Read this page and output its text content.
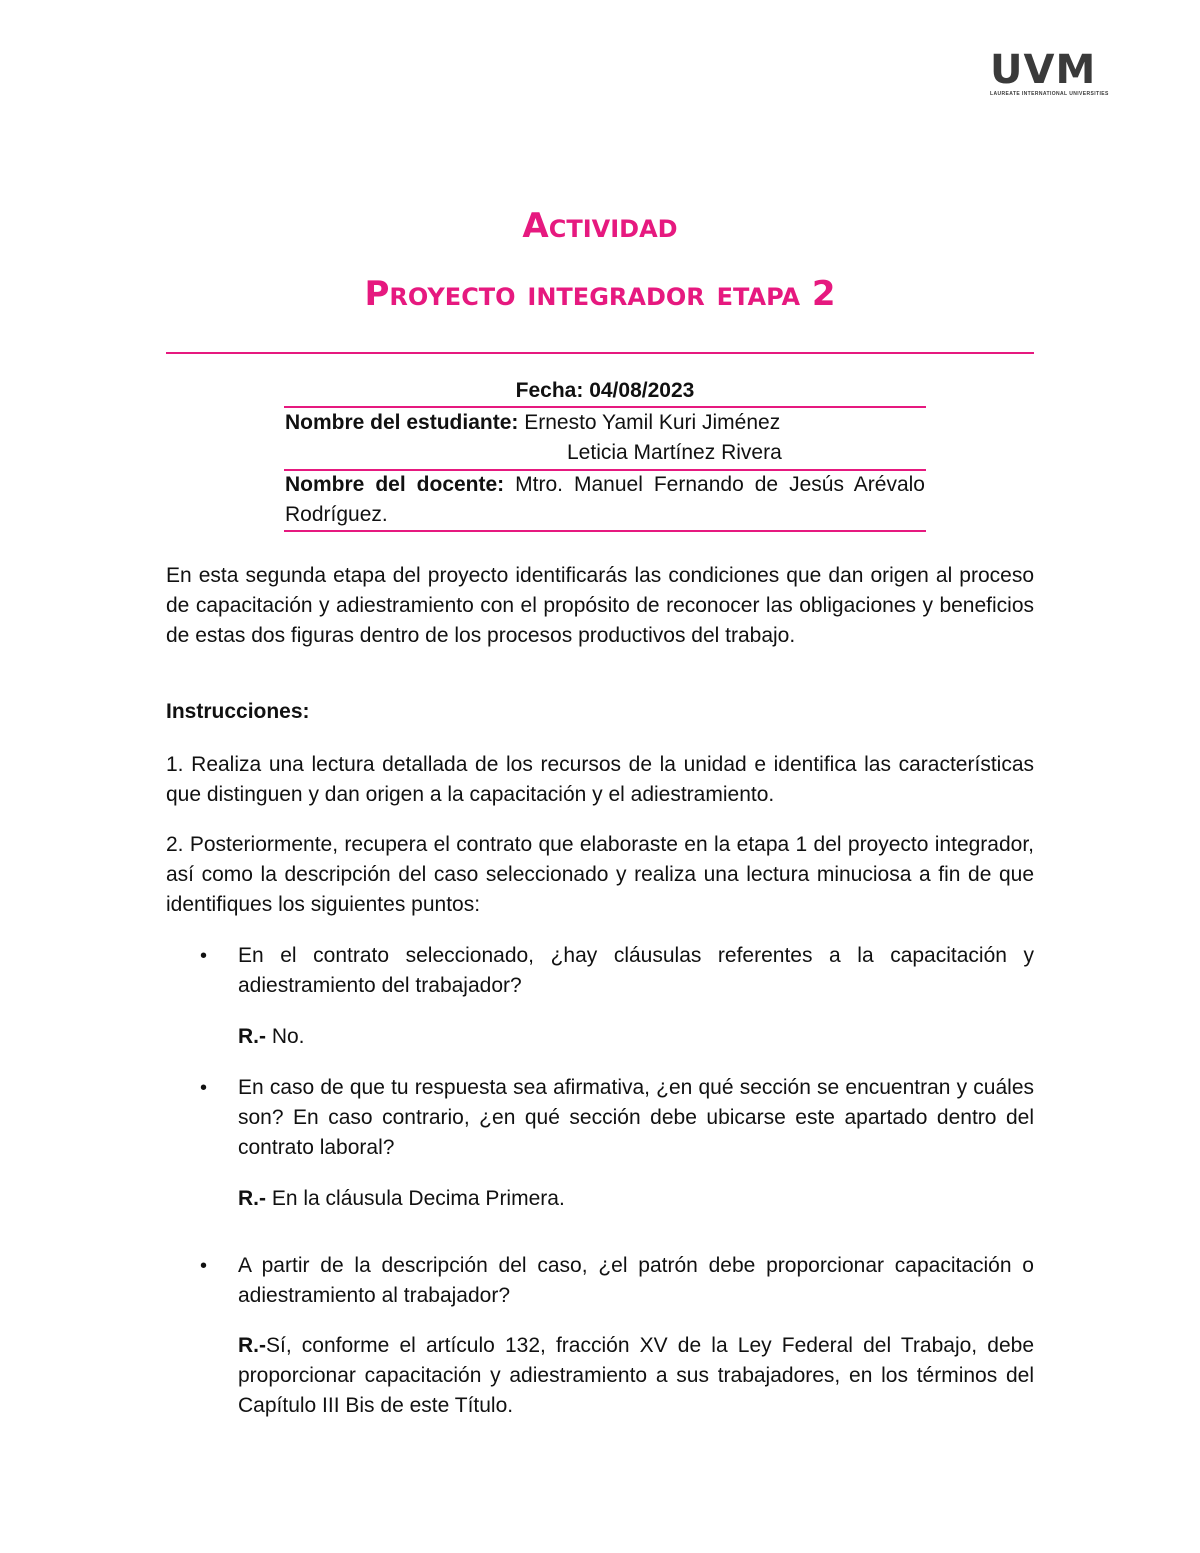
UVM
LAUREATE INTERNATIONAL UNIVERSITIES
Actividad
Proyecto integrador etapa 2
Fecha: 04/08/2023
Nombre del estudiante: Ernesto Yamil Kuri Jiménez
Leticia Martínez Rivera
Nombre del docente: Mtro. Manuel Fernando de Jesús Arévalo Rodríguez.
En esta segunda etapa del proyecto identificarás las condiciones que dan origen al proceso de capacitación y adiestramiento con el propósito de reconocer las obligaciones y beneficios de estas dos figuras dentro de los procesos productivos del trabajo.
Instrucciones:
1. Realiza una lectura detallada de los recursos de la unidad e identifica las características que distinguen y dan origen a la capacitación y el adiestramiento.
2. Posteriormente, recupera el contrato que elaboraste en la etapa 1 del proyecto integrador, así como la descripción del caso seleccionado y realiza una lectura minuciosa a fin de que identifiques los siguientes puntos:
• En el contrato seleccionado, ¿hay cláusulas referentes a la capacitación y adiestramiento del trabajador?
R.- No.
• En caso de que tu respuesta sea afirmativa, ¿en qué sección se encuentran y cuáles son? En caso contrario, ¿en qué sección debe ubicarse este apartado dentro del contrato laboral?
R.- En la cláusula Decima Primera.
• A partir de la descripción del caso, ¿el patrón debe proporcionar capacitación o adiestramiento al trabajador?
R.-Sí, conforme el artículo 132, fracción XV de la Ley Federal del Trabajo, debe proporcionar capacitación y adiestramiento a sus trabajadores, en los términos del Capítulo III Bis de este Título.
